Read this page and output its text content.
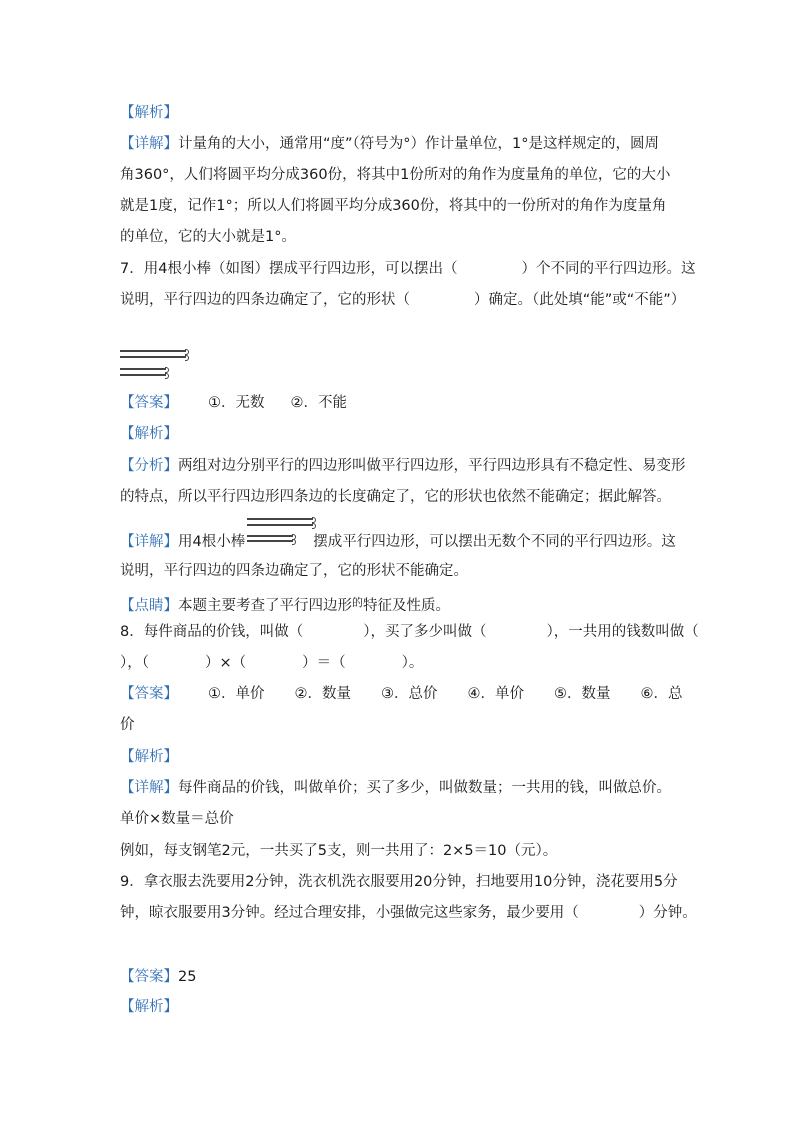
【解析】
【详解】计量角的大小，通常用“度”（符号为°）作计量单位，1°是这样规定的，圆周
角360°，人们将圆平均分成360份，将其中1份所对的角作为度量角的单位，它的大小
就是1度，记作1°；所以人们将圆平均分成360份，将其中的一份所对的角作为度量角
的单位，它的大小就是1°。
7．用4根小棒（如图）摆成平行四边形，可以摆出（	）个不同的平行四边形。这
说明，平行四边的四条边确定了，它的形状（	）确定。（此处填“能”或“不能”）
【答案】 ①．无数 ②．不能
【解析】
【分析】两组对边分别平行的四边形叫做平行四边形，平行四边形具有不稳定性、易变形
的特点，所以平行四边形四条边的长度确定了，它的形状也依然不能确定；据此解答。
【详解】用4根小棒	摆成平行四边形，可以摆出无数个不同的平行四边形。这
说明，平行四边的四条边确定了，它的形状不能确定。
【点睛】本题主要考查了平行四边形$^的$特征及性质。
8．每件商品的价钱，叫做（	），买了多少叫做（	），一共用的钱数叫做（
），（	）×（	）＝（	）。
【答案】 ①．单价 ②．数量 ③．总价 ④．单价 ⑤．数量 ⑥．总
价
【解析】
【详解】每件商品的价钱，叫做单价；买了多少，叫做数量；一共用的钱，叫做总价。
单价×数量＝总价
例如，每支钢笔2元，一共买了5支，则一共用了：2×5＝10（元）。
9．拿衣服去洗要用2分钟，洗衣机洗衣服要用20分钟，扫地要用10分钟，浇花要用5分
钟，晾衣服要用3分钟。经过合理安排，小强做完这些家务，最少要用（	）分钟。
【答案】25
【解析】
